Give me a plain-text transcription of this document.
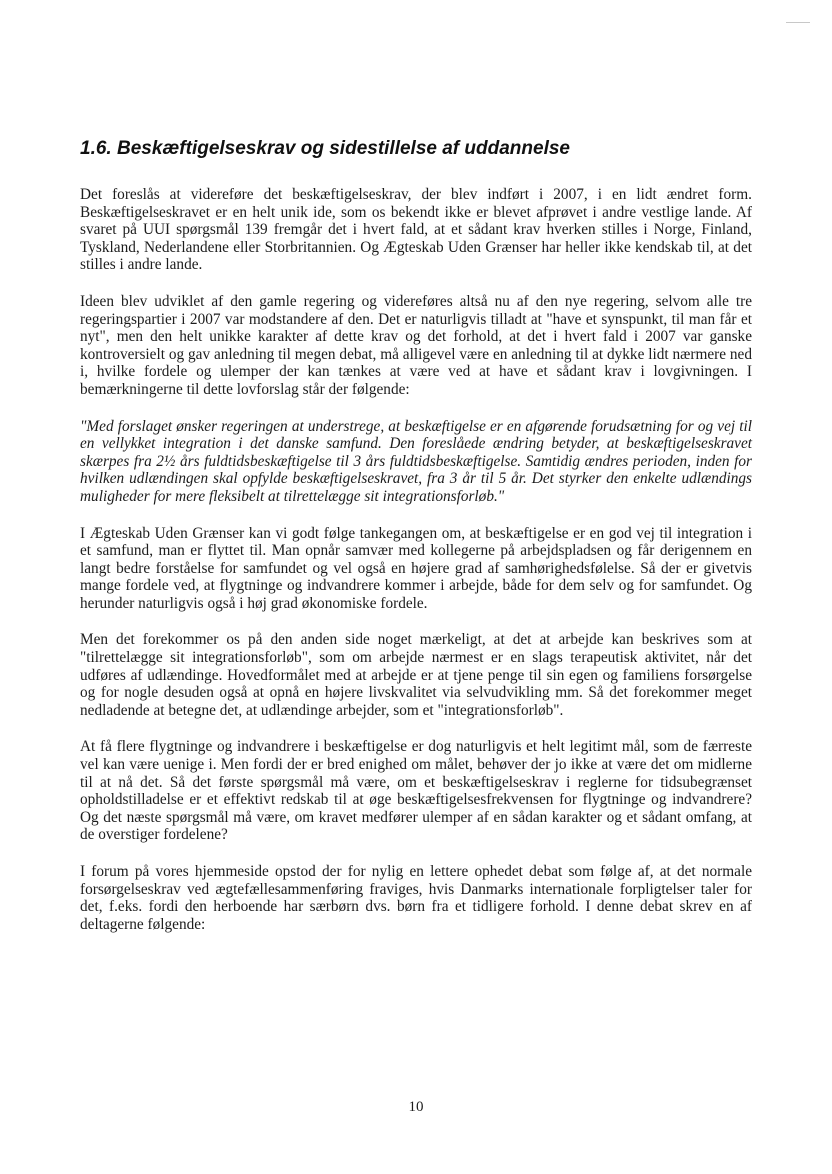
1.6. Beskæftigelseskrav og sidestillelse af uddannelse

Det foreslås at videreføre det beskæftigelseskrav, der blev indført i 2007, i en lidt ændret form. Beskæftigelseskravet er en helt unik ide, som os bekendt ikke er blevet afprøvet i andre vestlige lande. Af svaret på UUI spørgsmål 139 fremgår det i hvert fald, at et sådant krav hverken stilles i Norge, Finland, Tyskland, Nederlandene eller Storbritannien. Og Ægteskab Uden Grænser har heller ikke kendskab til, at det stilles i andre lande.

Ideen blev udviklet af den gamle regering og videreføres altså nu af den nye regering, selvom alle tre regeringspartier i 2007 var modstandere af den. Det er naturligvis tilladt at "have et synspunkt, til man får et nyt", men den helt unikke karakter af dette krav og det forhold, at det i hvert fald i 2007 var ganske kontroversielt og gav anledning til megen debat, må alligevel være en anledning til at dykke lidt nærmere ned i, hvilke fordele og ulemper der kan tænkes at være ved at have et sådant krav i lovgivningen. I bemærkningerne til dette lovforslag står der følgende:

"Med forslaget ønsker regeringen at understrege, at beskæftigelse er en afgørende forudsætning for og vej til en vellykket integration i det danske samfund. Den foreslåede ændring betyder, at beskæftigelseskravet skærpes fra 2½ års fuldtidsbeskæftigelse til 3 års fuldtidsbeskæftigelse. Samtidig ændres perioden, inden for hvilken udlændingen skal opfylde beskæftigelseskravet, fra 3 år til 5 år. Det styrker den enkelte udlændings muligheder for mere fleksibelt at tilrettelægge sit integrationsforløb."

I Ægteskab Uden Grænser kan vi godt følge tankegangen om, at beskæftigelse er en god vej til integration i et samfund, man er flyttet til. Man opnår samvær med kollegerne på arbejdspladsen og får derigennem en langt bedre forståelse for samfundet og vel også en højere grad af samhørighedsfølelse. Så der er givetvis mange fordele ved, at flygtninge og indvandrere kommer i arbejde, både for dem selv og for samfundet. Og herunder naturligvis også i høj grad økonomiske fordele.

Men det forekommer os på den anden side noget mærkeligt, at det at arbejde kan beskrives som at "tilrettelægge sit integrationsforløb", som om arbejde nærmest er en slags terapeutisk aktivitet, når det udføres af udlændinge. Hovedformålet med at arbejde er at tjene penge til sin egen og familiens forsørgelse og for nogle desuden også at opnå en højere livskvalitet via selvudvikling mm. Så det forekommer meget nedladende at betegne det, at udlændinge arbejder, som et "integrationsforløb".

At få flere flygtninge og indvandrere i beskæftigelse er dog naturligvis et helt legitimt mål, som de færreste vel kan være uenige i. Men fordi der er bred enighed om målet, behøver der jo ikke at være det om midlerne til at nå det. Så det første spørgsmål må være, om et beskæftigelseskrav i reglerne for tidsubegrænset opholdstilladelse er et effektivt redskab til at øge beskæftigelsesfrekvensen for flygtninge og indvandrere? Og det næste spørgsmål må være, om kravet medfører ulemper af en sådan karakter og et sådant omfang, at de overstiger fordelene?

I forum på vores hjemmeside opstod der for nylig en lettere ophedet debat som følge af, at det normale forsørgelseskrav ved ægtefællesammenføring fraviges, hvis Danmarks internationale forpligtelser taler for det, f.eks. fordi den herboende har særbørn dvs. børn fra et tidligere forhold. I denne debat skrev en af deltagerne følgende:

10
